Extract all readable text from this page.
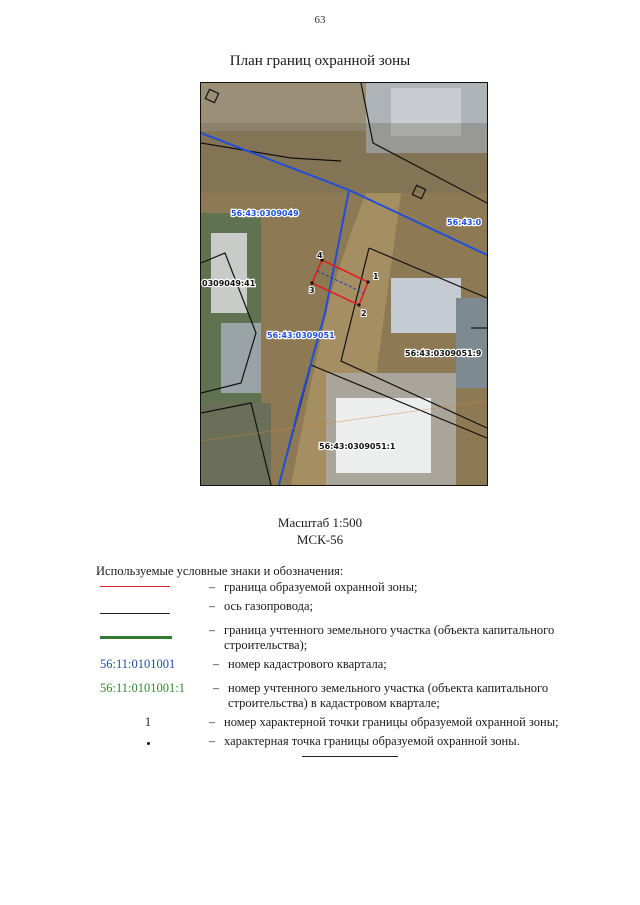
63
План границ охранной зоны
1
2
3
4
56:43:0309049
56:43:0
0309049:41
56:43:0309051
56:43:0309051:9
56:43:0309051:1
Масштаб 1:500
МСК-56
Используемые условные знаки и обозначения:
– граница образуемой охранной зоны;
– ось газопровода;
– граница учтенного земельного участка (объекта капитального строительства);
56:11:0101001	– номер кадастрового квартала;
56:11:0101001:1	– номер учтенного земельного участка (объекта капитального строительства) в кадастровом квартале;
1	– номер характерной точки границы образуемой охранной зоны;
– характерная точка границы образуемой охранной зоны.
